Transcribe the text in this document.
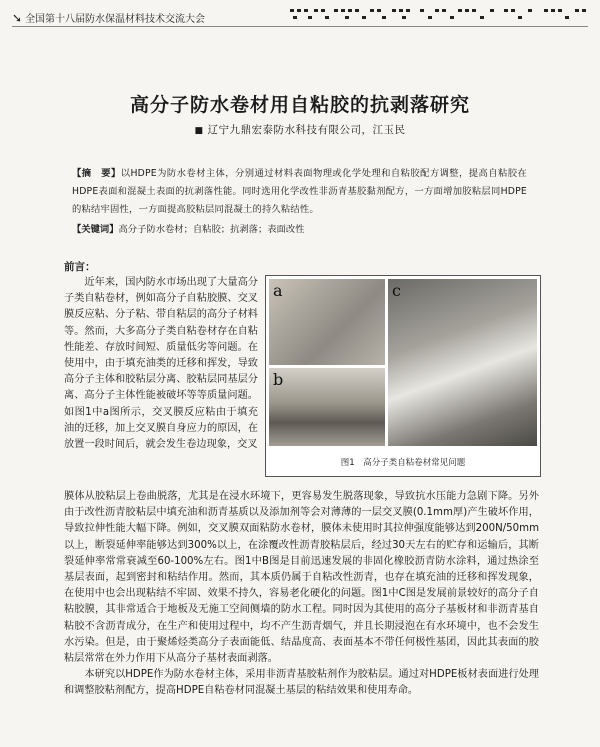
➘ 全国第十八届防水保温材料技术交流大会
高分子防水卷材用自粘胶的抗剥落研究
■ 辽宁九鼎宏泰防水科技有限公司，江玉民
【摘　要】以HDPE为防水卷材主体，分别通过材料表面物理或化学处理和自粘胶配方调整，提高自粘胶在HDPE表面和混凝土表面的抗剥落性能。同时选用化学改性非沥青基胶黏剂配方，一方面增加胶粘层同HDPE的粘结牢固性，一方面提高胶粘层同混凝土的持久粘结性。
【关键词】高分子防水卷材；自粘胶；抗剥落；表面改性
前言：

近年来，国内防水市场出现了大量高分子类自粘卷材，例如高分子自粘胶膜、交叉膜反应粘、分子粘、带自粘层的高分子材料等。然而，大多高分子类自粘卷材存在自粘性能差、存放时间短、质量低劣等问题。在使用中，由于填充油类的迁移和挥发，导致高分子主体和胶粘层分离、胶粘层同基层分离、高分子主体性能被破坏等等质量问题。如图1中a图所示，交叉膜反应粘由于填充油的迁移，加上交叉膜自身应力的原因，在放置一段时间后，就会发生卷边现象，交叉

a
b
c
图1　高分子类自粘卷材常见问题

膜体从胶粘层上卷曲脱落，尤其是在浸水环境下，更容易发生脱落现象，导致抗水压能力急剧下降。另外由于改性沥青胶粘层中填充油和沥青基质以及添加剂等会对薄薄的一层交叉膜(0.1mm厚)产生破坏作用，导致拉伸性能大幅下降。例如，交叉膜双面粘防水卷材，膜体未使用时其拉伸强度能够达到200N/50mm以上，断裂延伸率能够达到300%以上，在涂覆改性沥青胶粘层后，经过30天左右的贮存和运输后，其断裂延伸率常常衰减至60-100%左右。图1中B图是目前迅速发展的非固化橡胶沥青防水涂料，通过热涂至基层表面，起到密封和粘结作用。然而，其本质仍属于自粘改性沥青，也存在填充油的迁移和挥发现象，在使用中也会出现粘结不牢固、效果不持久，容易老化硬化的问题。图1中C图是发展前景较好的高分子自粘胶膜，其非常适合于地板及无施工空间侧墙的防水工程。同时因为其使用的高分子基板材和非沥青基自粘胶不含沥青成分，在生产和使用过程中，均不产生沥青烟气，并且长期浸泡在有水环境中，也不会发生水污染。但是，由于聚烯烃类高分子表面能低、结晶度高、表面基本不带任何极性基团，因此其表面的胶粘层常常在外力作用下从高分子基材表面剥落。

本研究以HDPE作为防水卷材主体，采用非沥青基胶粘剂作为胶粘层。通过对HDPE板材表面进行处理和调整胶粘剂配方，提高HDPE自粘卷材同混凝土基层的粘结效果和使用寿命。
